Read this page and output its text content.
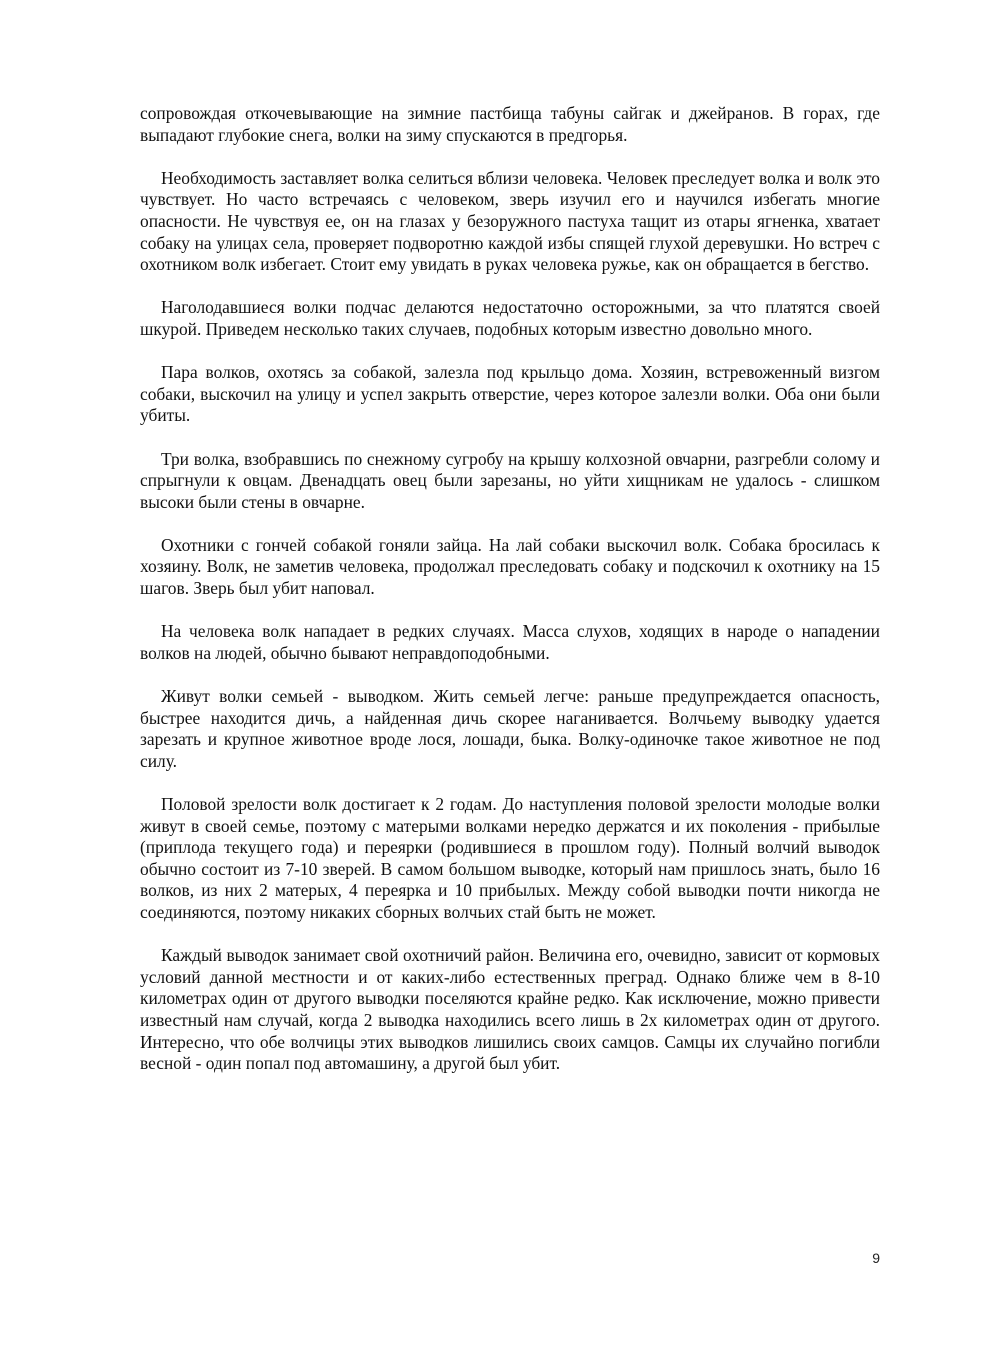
сопровождая откочевывающие на зимние пастбища табуны сайгак и джейранов. В горах, где выпадают глубокие снега, волки на зиму спускаются в предгорья.

Необходимость заставляет волка селиться вблизи человека. Человек преследует волка и волк это чувствует. Но часто встречаясь с человеком, зверь изучил его и научился избегать многие опасности. Не чувствуя ее, он на глазах у безоружного пастуха тащит из отары ягненка, хватает собаку на улицах села, проверяет подворотню каждой избы спящей глухой деревушки. Но встреч с охотником волк избегает. Стоит ему увидать в руках человека ружье, как он обращается в бегство.

Наголодавшиеся волки подчас делаются недостаточно осторожными, за что платятся своей шкурой. Приведем несколько таких случаев, подобных которым известно довольно много.

Пара волков, охотясь за собакой, залезла под крыльцо дома. Хозяин, встревоженный визгом собаки, выскочил на улицу и успел закрыть отверстие, через которое залезли волки. Оба они были убиты.

Три волка, взобравшись по снежному сугробу на крышу колхозной овчарни, разгребли солому и спрыгнули к овцам. Двенадцать овец были зарезаны, но уйти хищникам не удалось - слишком высоки были стены в овчарне.

Охотники с гончей собакой гоняли зайца. На лай собаки выскочил волк. Собака бросилась к хозяину. Волк, не заметив человека, продолжал преследовать собаку и подскочил к охотнику на 15 шагов. Зверь был убит наповал.

На человека волк нападает в редких случаях. Масса слухов, ходящих в народе о нападении волков на людей, обычно бывают неправдоподобными.

Живут волки семьей - выводком. Жить семьей легче: раньше предупреждается опасность, быстрее находится дичь, а найденная дичь скорее наганивается. Волчьему выводку удается зарезать и крупное животное вроде лося, лошади, быка. Волку-одиночке такое животное не под силу.

Половой зрелости волк достигает к 2 годам. До наступления половой зрелости молодые волки живут в своей семье, поэтому с матерыми волками нередко держатся и их поколения - прибылые (приплода текущего года) и переярки (родившиеся в прошлом году). Полный волчий выводок обычно состоит из 7-10 зверей. В самом большом выводке, который нам пришлось знать, было 16 волков, из них 2 матерых, 4 переярка и 10 прибылых. Между собой выводки почти никогда не соединяются, поэтому никаких сборных волчьих стай быть не может.

Каждый выводок занимает свой охотничий район. Величина его, очевидно, зависит от кормовых условий данной местности и от каких-либо естественных преград. Однако ближе чем в 8-10 километрах один от другого выводки поселяются крайне редко. Как исключение, можно привести известный нам случай, когда 2 выводка находились всего лишь в 2х километрах один от другого. Интересно, что обе волчицы этих выводков лишились своих самцов. Самцы их случайно погибли весной - один попал под автомашину, а другой был убит.

9
